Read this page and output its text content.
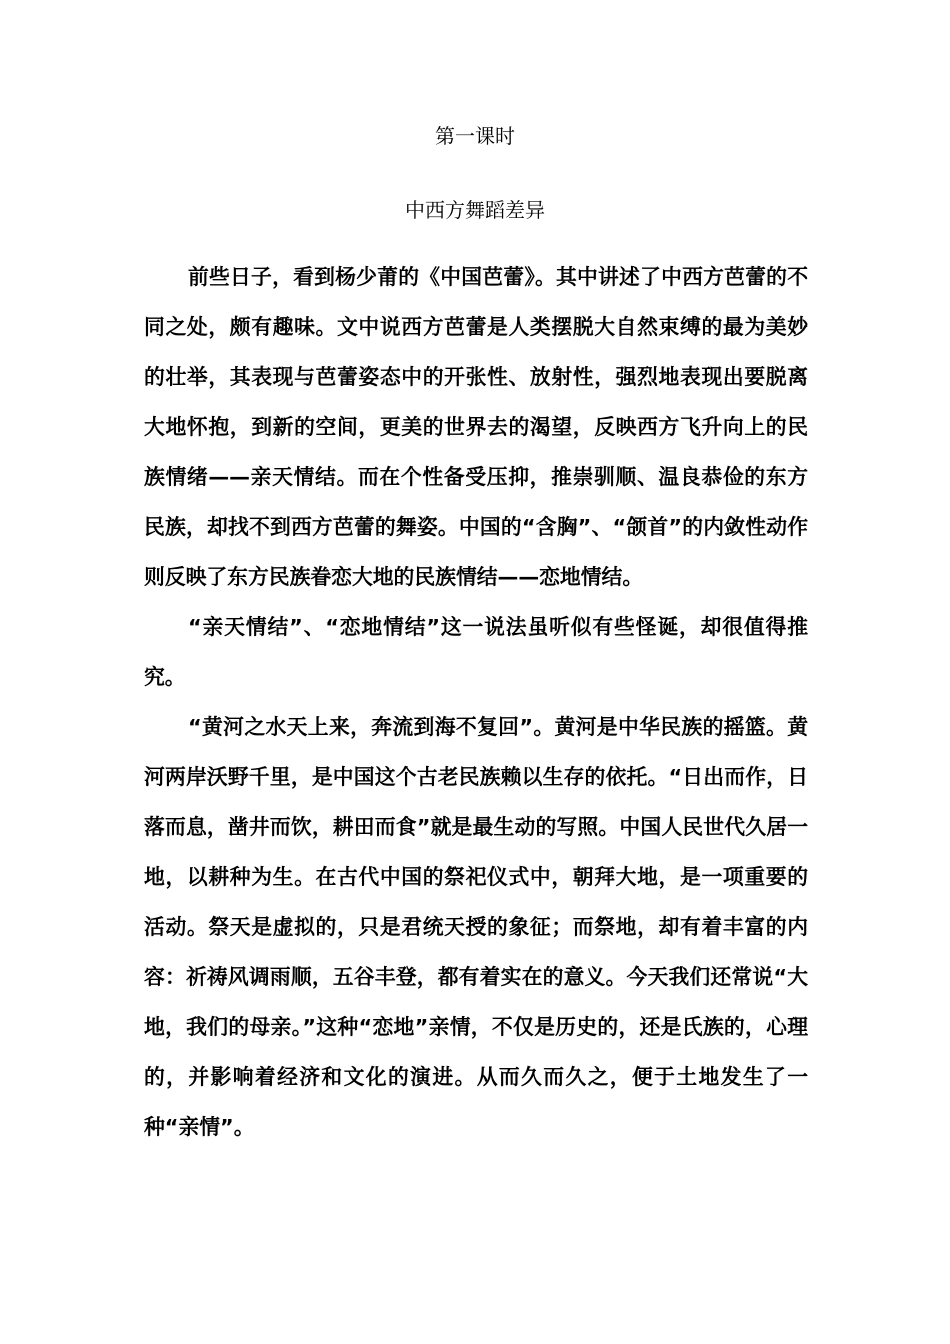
第一课时
中西方舞蹈差异

前些日子，看到杨少莆的《中国芭蕾》。其中讲述了中西方芭蕾的不同之处，颇有趣味。文中说西方芭蕾是人类摆脱大自然束缚的最为美妙的壮举，其表现与芭蕾姿态中的开张性、放射性，强烈地表现出要脱离大地怀抱，到新的空间，更美的世界去的渴望，反映西方飞升向上的民族情绪——亲天情结。而在个性备受压抑，推崇驯顺、温良恭俭的东方民族，却找不到西方芭蕾的舞姿。中国的“含胸”、“颌首”的内敛性动作则反映了东方民族眷恋大地的民族情结——恋地情结。

“亲天情结”、“恋地情结”这一说法虽听似有些怪诞，却很值得推究。

“黄河之水天上来，奔流到海不复回”。黄河是中华民族的摇篮。黄河两岸沃野千里，是中国这个古老民族赖以生存的依托。“日出而作，日落而息，凿井而饮，耕田而食”就是最生动的写照。中国人民世代久居一地，以耕种为生。在古代中国的祭祀仪式中，朝拜大地，是一项重要的活动。祭天是虚拟的，只是君统天授的象征；而祭地，却有着丰富的内容：祈祷风调雨顺，五谷丰登，都有着实在的意义。今天我们还常说“大地，我们的母亲。”这种“恋地”亲情，不仅是历史的，还是氏族的，心理的，并影响着经济和文化的演进。从而久而久之，便于土地发生了一种“亲情”。
